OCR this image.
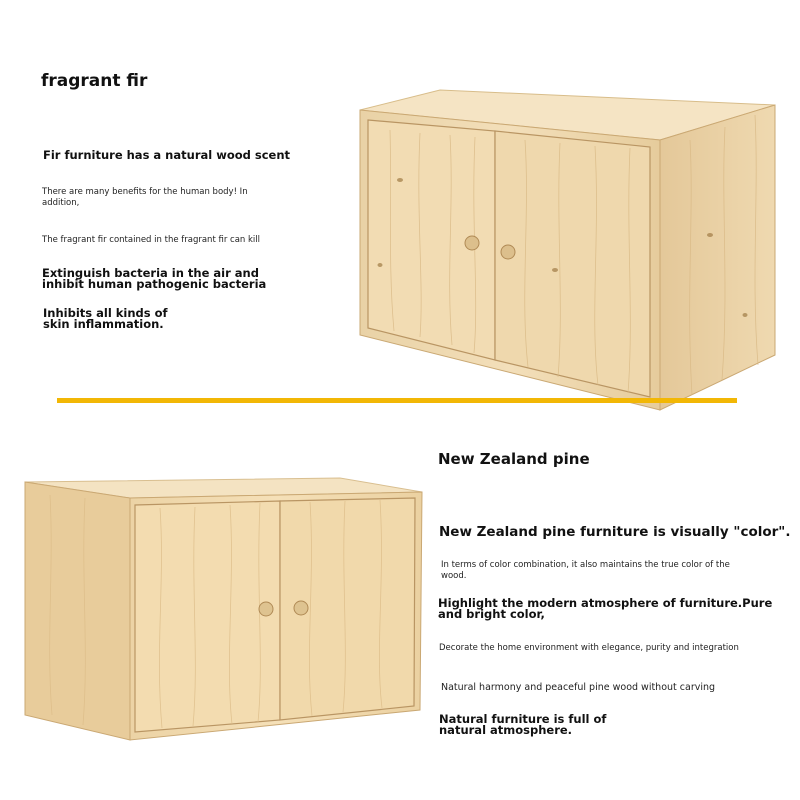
fragrant fir
Fir furniture has a natural wood scent
There are many benefits for the human body! In addition,
The fragrant fir contained in the fragrant fir can kill
Extinguish bacteria in the air and inhibit human pathogenic bacteria
Inhibits all kinds of skin inflammation.
New Zealand pine
New Zealand pine furniture is visually "color".
In terms of color combination, it also maintains the true color of the wood.
Highlight the modern atmosphere of furniture.Pure and bright color,
Decorate the home environment with elegance, purity and integration
Natural harmony and peaceful pine wood without carving
Natural furniture is full of natural atmosphere.
